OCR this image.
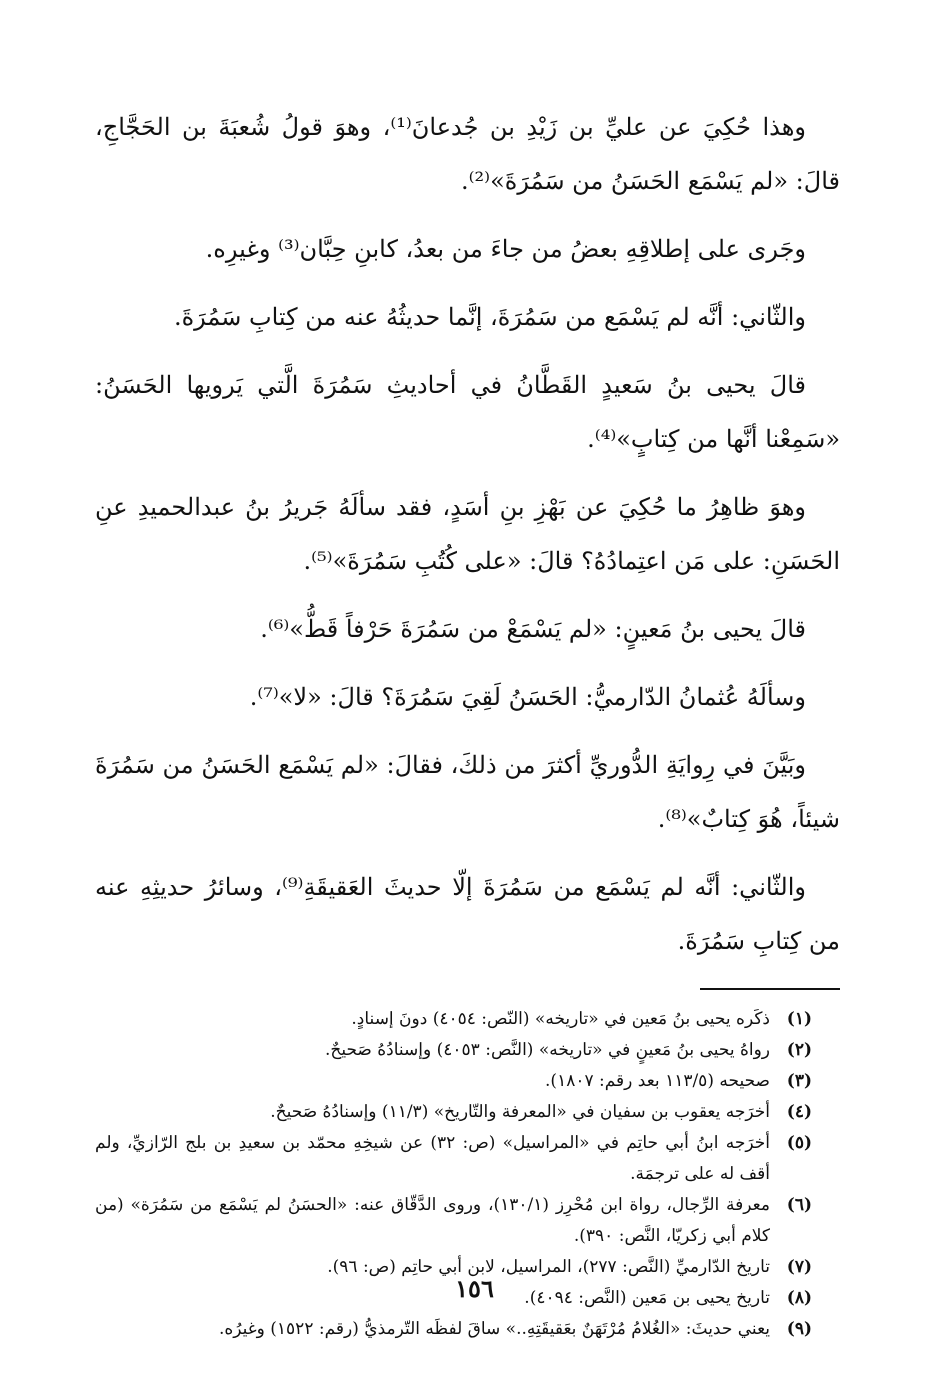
وهذا حُكِيَ عن عليِّ بن زَيْدِ بن جُدعانَ⁽¹⁾، وهوَ قولُ شُعبَةَ بن الحَجَّاجِ، قالَ: «لم يَسْمَع الحَسَنُ من سَمُرَةَ»⁽²⁾.

وجَرى على إطلاقِهِ بعضُ من جاءَ من بعدُ، كابنِ حِبَّان⁽³⁾ وغيرِه.

والثّاني: أنَّه لم يَسْمَع من سَمُرَةَ، إنَّما حديثُهُ عنه من كِتابِ سَمُرَةَ.

قالَ يحيى بنُ سَعيدٍ القَطَّانُ في أحاديثِ سَمُرَةَ الَّتي يَرويها الحَسَنُ: «سَمِعْنا أنَّها من كِتابٍ»⁽⁴⁾.

وهوَ ظاهِرُ ما حُكِيَ عن بَهْزِ بنِ أسَدٍ، فقد سألَهُ جَريرُ بنُ عبدالحميدِ عنِ الحَسَنِ: على مَن اعتِمادُهُ؟ قالَ: «على كُتُبِ سَمُرَةَ»⁽⁵⁾.

قالَ يحيى بنُ مَعينٍ: «لم يَسْمَعْ من سَمُرَةَ حَرْفاً قَطُّ»⁽⁶⁾.

وسألَهُ عُثمانُ الدّارميُّ: الحَسَنُ لَقِيَ سَمُرَةَ؟ قالَ: «لا»⁽⁷⁾.

وبَيَّنَ في رِوايَةِ الدُّوريِّ أكثرَ من ذلكَ، فقالَ: «لم يَسْمَع الحَسَنُ من سَمُرَةَ شيئاً، هُوَ كِتابٌ»⁽⁸⁾.

والثّاني: أنَّه لم يَسْمَع من سَمُرَةَ إلّا حديثَ العَقيقَةِ⁽⁹⁾، وسائرُ حديثِهِ عنه من كِتابِ سَمُرَةَ.

(١)
ذكَره يحيى بنُ مَعين في «تاريخه» (النّص: ٤٠٥٤) دونَ إسنادٍ.
(٢)
رواهُ يحيى بنُ مَعينٍ في «تاريخه» (النَّص: ٤٠٥٣) وإسنادُهُ صَحيحٌ.
(٣)
صحيحه (١١٣/٥ بعد رقم: ١٨٠٧).
(٤)
أخرَجه يعقوب بن سفيان في «المعرفة والتّاريخ» (١١/٣) وإسنادُهُ صَحيحٌ.
(٥)
أخرَجه ابنُ أبي حاتِم في «المراسيل» (ص: ٣٢) عن شيخِهِ محمّد بن سعيدِ بن بلج الرّازيِّ، ولم أقف له على ترجمَة.
(٦)
معرفة الرِّجال، رواة ابن مُحْرِز (١٣٠/١)، وروى الدَّقّاق عنه: «الحسَنُ لم يَسْمَع من سَمُرَة» (من كلام أبي زكريّا، النَّص: ٣٩٠).
(٧)
تاريخ الدّارميِّ (النَّص: ٢٧٧)، المراسيل، لابن أبي حاتِم (ص: ٩٦).
(٨)
تاريخ يحيى بن مَعين (النَّص: ٤٠٩٤).
(٩)
يعني حديثَ: «الغُلامُ مُرْتَهَنٌ بعَقيقَتِهِ..» ساقَ لفظَه التّرمذيُّ (رقم: ١٥٢٢) وغيرُه.
١٥٦
